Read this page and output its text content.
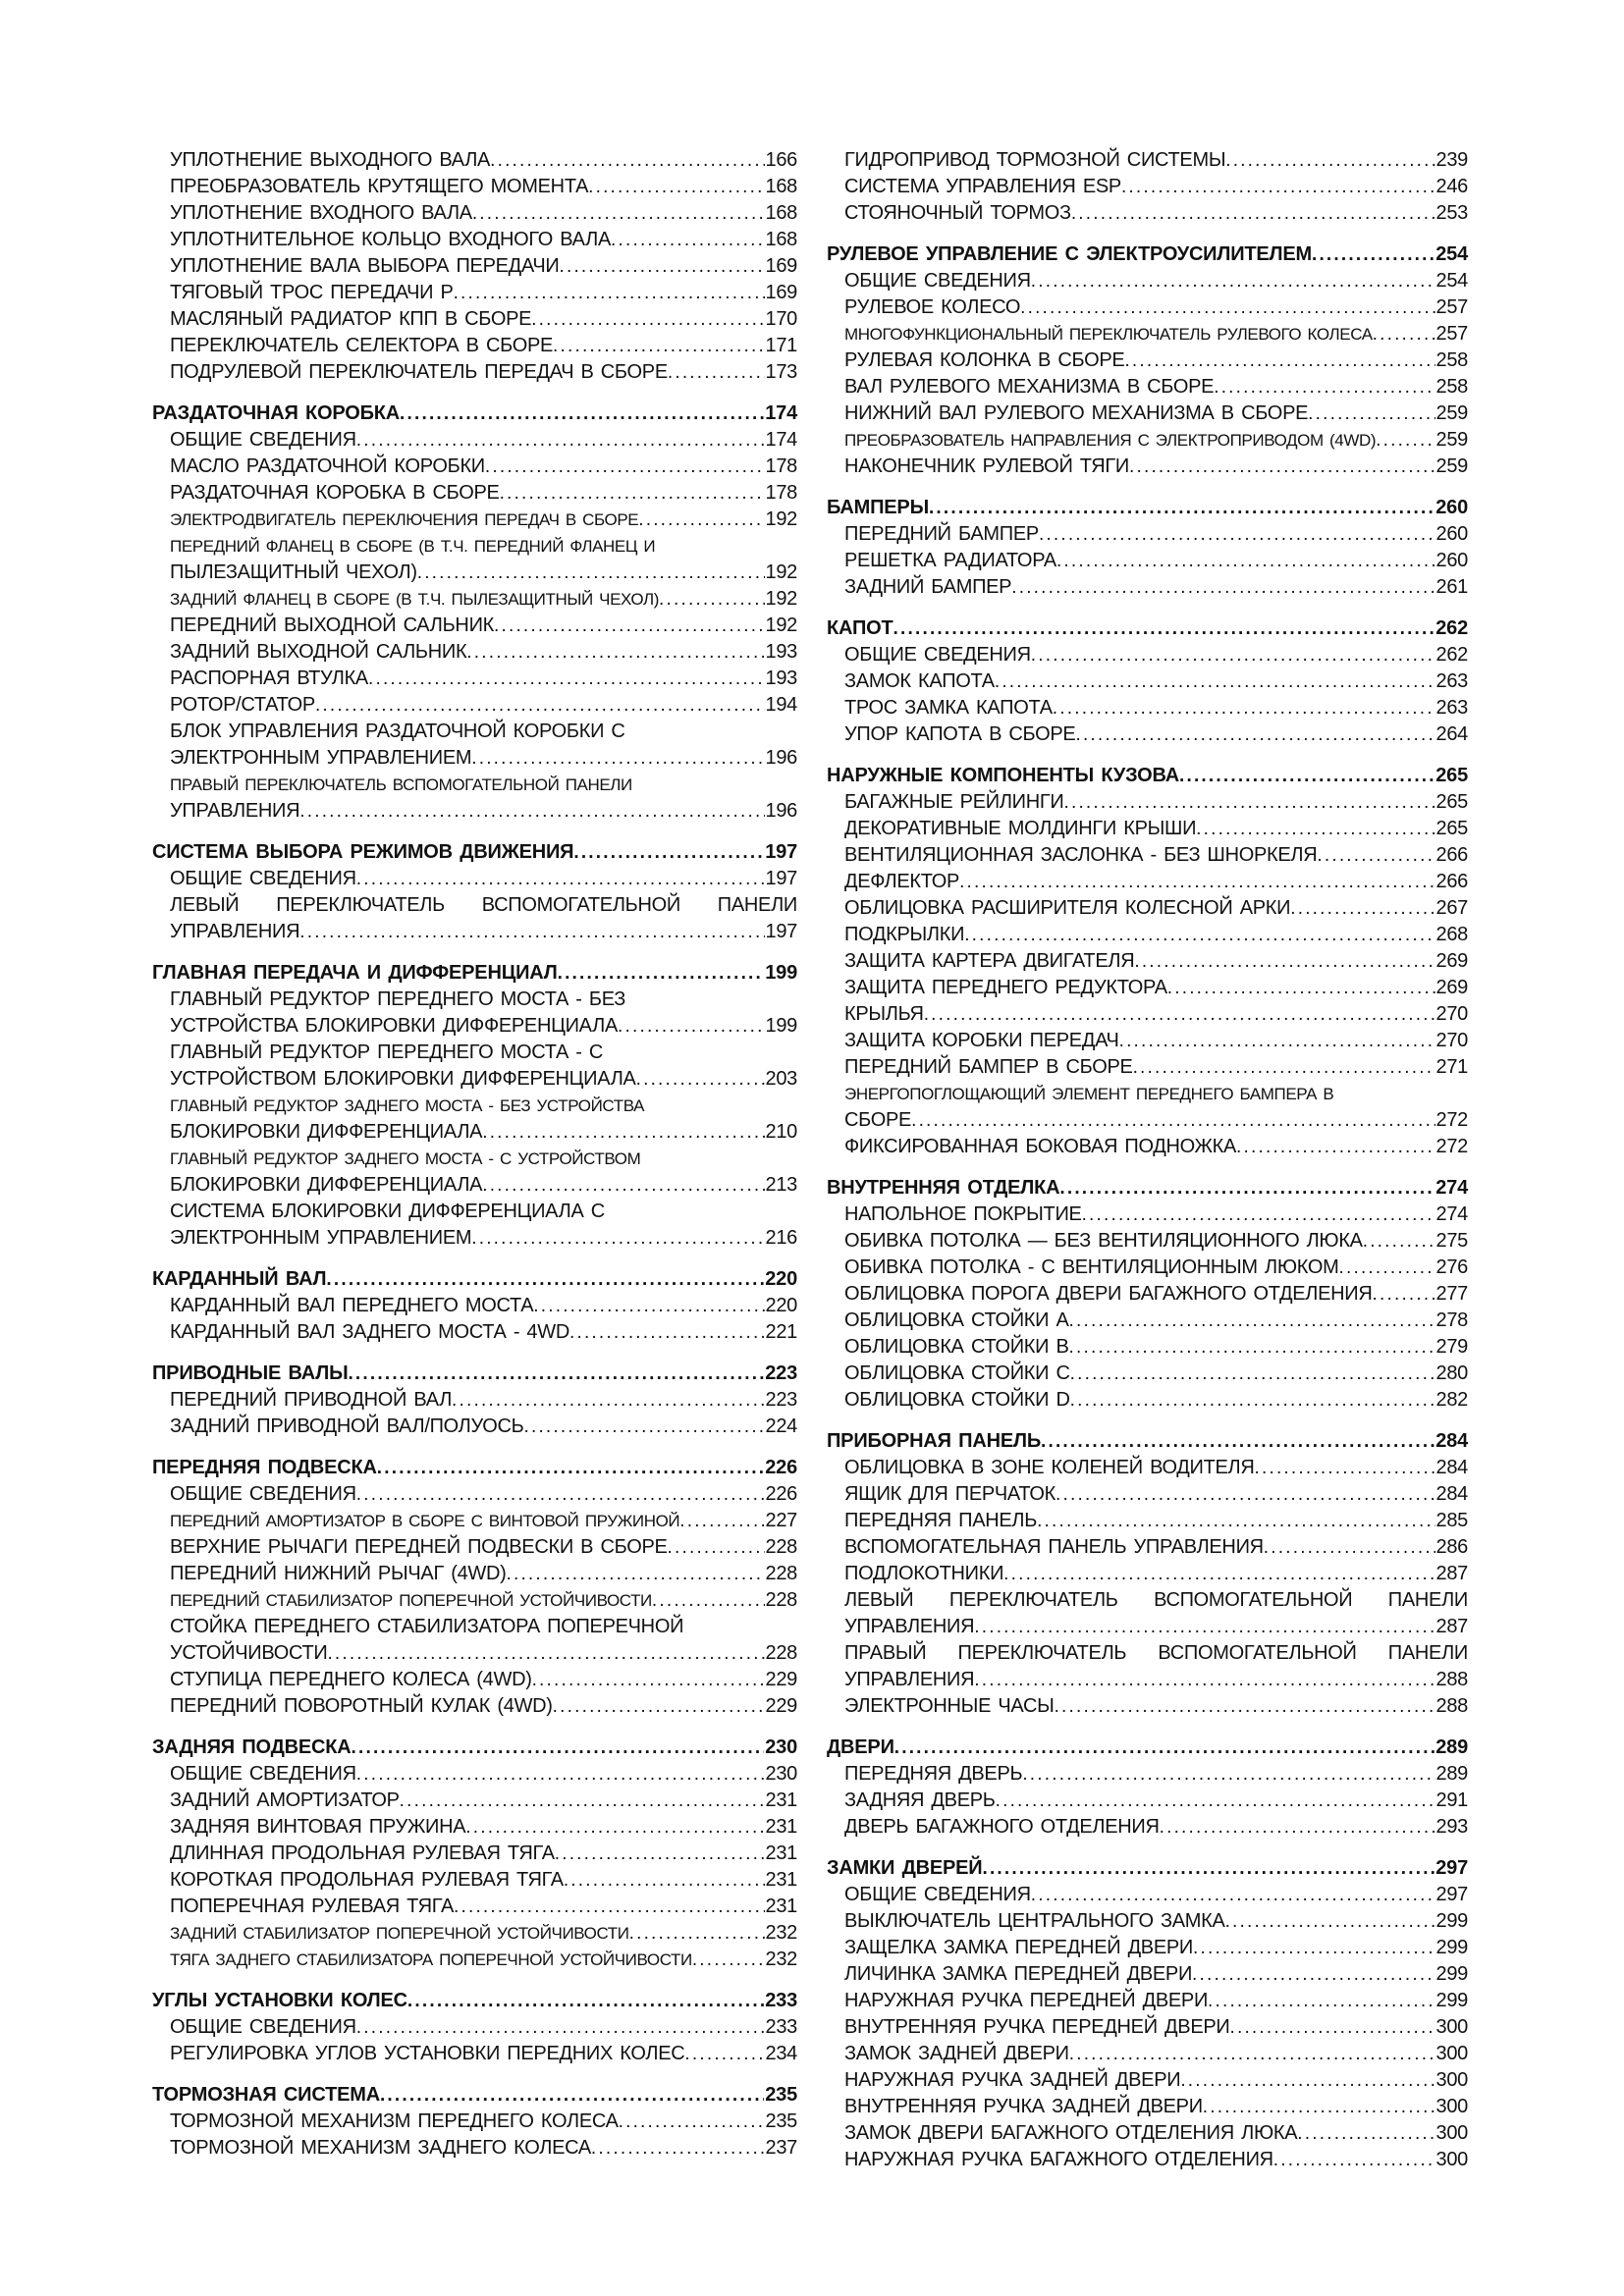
УПЛОТНЕНИЕ ВЫХОДНОГО ВАЛА .....	166
ПРЕОБРАЗОВАТЕЛЬ КРУТЯЩЕГО МОМЕНТА .....	168
УПЛОТНЕНИЕ ВХОДНОГО ВАЛА .....	168
УПЛОТНИТЕЛЬНОЕ КОЛЬЦО ВХОДНОГО ВАЛА .....	168
УПЛОТНЕНИЕ ВАЛА ВЫБОРА ПЕРЕДАЧИ .....	169
ТЯГОВЫЙ ТРОС ПЕРЕДАЧИ Р .....	169
МАСЛЯНЫЙ РАДИАТОР КПП В СБОРЕ .....	170
ПЕРЕКЛЮЧАТЕЛЬ СЕЛЕКТОРА В СБОРЕ .....	171
ПОДРУЛЕВОЙ ПЕРЕКЛЮЧАТЕЛЬ ПЕРЕДАЧ В СБОРЕ .....	173
РАЗДАТОЧНАЯ КОРОБКА .....	174
ОБЩИЕ СВЕДЕНИЯ .....	174
МАСЛО РАЗДАТОЧНОЙ КОРОБКИ .....	178
РАЗДАТОЧНАЯ КОРОБКА В СБОРЕ .....	178
ЭЛЕКТРОДВИГАТЕЛЬ ПЕРЕКЛЮЧЕНИЯ ПЕРЕДАЧ В СБОРЕ .....	192
ПЕРЕДНИЙ ФЛАНЕЦ В СБОРЕ (В Т.Ч. ПЕРЕДНИЙ ФЛАНЕЦ И
ПЫЛЕЗАЩИТНЫЙ ЧЕХОЛ) .....	192
ЗАДНИЙ ФЛАНЕЦ В СБОРЕ (В Т.Ч. ПЫЛЕЗАЩИТНЫЙ ЧЕХОЛ) .....	192
ПЕРЕДНИЙ ВЫХОДНОЙ САЛЬНИК .....	192
ЗАДНИЙ ВЫХОДНОЙ САЛЬНИК .....	193
РАСПОРНАЯ ВТУЛКА .....	193
РОТОР/СТАТОР .....	194
БЛОК УПРАВЛЕНИЯ РАЗДАТОЧНОЙ КОРОБКИ С
ЭЛЕКТРОННЫМ УПРАВЛЕНИЕМ .....	196
ПРАВЫЙ ПЕРЕКЛЮЧАТЕЛЬ ВСПОМОГАТЕЛЬНОЙ ПАНЕЛИ
УПРАВЛЕНИЯ .....	196
СИСТЕМА ВЫБОРА РЕЖИМОВ ДВИЖЕНИЯ .....	197
ОБЩИЕ СВЕДЕНИЯ .....	197
ЛЕВЫЙ ПЕРЕКЛЮЧАТЕЛЬ ВСПОМОГАТЕЛЬНОЙ ПАНЕЛИ
УПРАВЛЕНИЯ .....	197
ГЛАВНАЯ ПЕРЕДАЧА И ДИФФЕРЕНЦИАЛ .....	199
ГЛАВНЫЙ РЕДУКТОР ПЕРЕДНЕГО МОСТА - БЕЗ
УСТРОЙСТВА БЛОКИРОВКИ ДИФФЕРЕНЦИАЛА .....	199
ГЛАВНЫЙ РЕДУКТОР ПЕРЕДНЕГО МОСТА - С
УСТРОЙСТВОМ БЛОКИРОВКИ ДИФФЕРЕНЦИАЛА .....	203
ГЛАВНЫЙ РЕДУКТОР ЗАДНЕГО МОСТА - БЕЗ УСТРОЙСТВА
БЛОКИРОВКИ ДИФФЕРЕНЦИАЛА .....	210
ГЛАВНЫЙ РЕДУКТОР ЗАДНЕГО МОСТА - С УСТРОЙСТВОМ
БЛОКИРОВКИ ДИФФЕРЕНЦИАЛА .....	213
СИСТЕМА БЛОКИРОВКИ ДИФФЕРЕНЦИАЛА С
ЭЛЕКТРОННЫМ УПРАВЛЕНИЕМ .....	216
КАРДАННЫЙ ВАЛ .....	220
КАРДАННЫЙ ВАЛ ПЕРЕДНЕГО МОСТА .....	220
КАРДАННЫЙ ВАЛ ЗАДНЕГО МОСТА - 4WD .....	221
ПРИВОДНЫЕ ВАЛЫ .....	223
ПЕРЕДНИЙ ПРИВОДНОЙ ВАЛ .....	223
ЗАДНИЙ ПРИВОДНОЙ ВАЛ/ПОЛУОСЬ .....	224
ПЕРЕДНЯЯ ПОДВЕСКА .....	226
ОБЩИЕ СВЕДЕНИЯ .....	226
ПЕРЕДНИЙ АМОРТИЗАТОР В СБОРЕ С ВИНТОВОЙ ПРУЖИНОЙ .....	227
ВЕРХНИЕ РЫЧАГИ ПЕРЕДНЕЙ ПОДВЕСКИ В СБОРЕ .....	228
ПЕРЕДНИЙ НИЖНИЙ РЫЧАГ (4WD) .....	228
ПЕРЕДНИЙ СТАБИЛИЗАТОР ПОПЕРЕЧНОЙ УСТОЙЧИВОСТИ .....	228
СТОЙКА ПЕРЕДНЕГО СТАБИЛИЗАТОРА ПОПЕРЕЧНОЙ
УСТОЙЧИВОСТИ .....	228
СТУПИЦА ПЕРЕДНЕГО КОЛЕСА (4WD) .....	229
ПЕРЕДНИЙ ПОВОРОТНЫЙ КУЛАК (4WD) .....	229
ЗАДНЯЯ ПОДВЕСКА .....	230
ОБЩИЕ СВЕДЕНИЯ .....	230
ЗАДНИЙ АМОРТИЗАТОР .....	231
ЗАДНЯЯ ВИНТОВАЯ ПРУЖИНА .....	231
ДЛИННАЯ ПРОДОЛЬНАЯ РУЛЕВАЯ ТЯГА .....	231
КОРОТКАЯ ПРОДОЛЬНАЯ РУЛЕВАЯ ТЯГА .....	231
ПОПЕРЕЧНАЯ РУЛЕВАЯ ТЯГА .....	231
ЗАДНИЙ СТАБИЛИЗАТОР ПОПЕРЕЧНОЙ УСТОЙЧИВОСТИ .....	232
ТЯГА ЗАДНЕГО СТАБИЛИЗАТОРА ПОПЕРЕЧНОЙ УСТОЙЧИВОСТИ .....	232
УГЛЫ УСТАНОВКИ КОЛЕС .....	233
ОБЩИЕ СВЕДЕНИЯ .....	233
РЕГУЛИРОВКА УГЛОВ УСТАНОВКИ ПЕРЕДНИХ КОЛЕС .....	234
ТОРМОЗНАЯ СИСТЕМА .....	235
ТОРМОЗНОЙ МЕХАНИЗМ ПЕРЕДНЕГО КОЛЕСА .....	235
ТОРМОЗНОЙ МЕХАНИЗМ ЗАДНЕГО КОЛЕСА .....	237
ГИДРОПРИВОД ТОРМОЗНОЙ СИСТЕМЫ .....	239
СИСТЕМА УПРАВЛЕНИЯ ESP .....	246
СТОЯНОЧНЫЙ ТОРМОЗ .....	253
РУЛЕВОЕ УПРАВЛЕНИЕ С ЭЛЕКТРОУСИЛИТЕЛЕМ .....	254
ОБЩИЕ СВЕДЕНИЯ .....	254
РУЛЕВОЕ КОЛЕСО .....	257
МНОГОФУНКЦИОНАЛЬНЫЙ ПЕРЕКЛЮЧАТЕЛЬ РУЛЕВОГО КОЛЕСА .....	257
РУЛЕВАЯ КОЛОНКА В СБОРЕ .....	258
ВАЛ РУЛЕВОГО МЕХАНИЗМА В СБОРЕ .....	258
НИЖНИЙ ВАЛ РУЛЕВОГО МЕХАНИЗМА В СБОРЕ .....	259
ПРЕОБРАЗОВАТЕЛЬ НАПРАВЛЕНИЯ С ЭЛЕКТРОПРИВОДОМ (4WD) .....	259
НАКОНЕЧНИК РУЛЕВОЙ ТЯГИ .....	259
БАМПЕРЫ .....	260
ПЕРЕДНИЙ БАМПЕР .....	260
РЕШЕТКА РАДИАТОРА .....	260
ЗАДНИЙ БАМПЕР .....	261
КАПОТ .....	262
ОБЩИЕ СВЕДЕНИЯ .....	262
ЗАМОК КАПОТА .....	263
ТРОС ЗАМКА КАПОТА .....	263
УПОР КАПОТА В СБОРЕ .....	264
НАРУЖНЫЕ КОМПОНЕНТЫ КУЗОВА .....	265
БАГАЖНЫЕ РЕЙЛИНГИ .....	265
ДЕКОРАТИВНЫЕ МОЛДИНГИ КРЫШИ .....	265
ВЕНТИЛЯЦИОННАЯ ЗАСЛОНКА - БЕЗ ШНОРКЕЛЯ .....	266
ДЕФЛЕКТОР .....	266
ОБЛИЦОВКА РАСШИРИТЕЛЯ КОЛЕСНОЙ АРКИ .....	267
ПОДКРЫЛКИ .....	268
ЗАЩИТА КАРТЕРА ДВИГАТЕЛЯ .....	269
ЗАЩИТА ПЕРЕДНЕГО РЕДУКТОРА .....	269
КРЫЛЬЯ .....	270
ЗАЩИТА КОРОБКИ ПЕРЕДАЧ .....	270
ПЕРЕДНИЙ БАМПЕР В СБОРЕ .....	271
ЭНЕРГОПОГЛОЩАЮЩИЙ ЭЛЕМЕНТ ПЕРЕДНЕГО БАМПЕРА В
СБОРЕ .....	272
ФИКСИРОВАННАЯ БОКОВАЯ ПОДНОЖКА .....	272
ВНУТРЕННЯЯ ОТДЕЛКА .....	274
НАПОЛЬНОЕ ПОКРЫТИЕ .....	274
ОБИВКА ПОТОЛКА — БЕЗ ВЕНТИЛЯЦИОННОГО ЛЮКА .....	275
ОБИВКА ПОТОЛКА - С ВЕНТИЛЯЦИОННЫМ ЛЮКОМ .....	276
ОБЛИЦОВКА ПОРОГА ДВЕРИ БАГАЖНОГО ОТДЕЛЕНИЯ .....	277
ОБЛИЦОВКА СТОЙКИ А .....	278
ОБЛИЦОВКА СТОЙКИ В .....	279
ОБЛИЦОВКА СТОЙКИ С .....	280
ОБЛИЦОВКА СТОЙКИ D .....	282
ПРИБОРНАЯ ПАНЕЛЬ .....	284
ОБЛИЦОВКА В ЗОНЕ КОЛЕНЕЙ ВОДИТЕЛЯ .....	284
ЯЩИК ДЛЯ ПЕРЧАТОК .....	284
ПЕРЕДНЯЯ ПАНЕЛЬ .....	285
ВСПОМОГАТЕЛЬНАЯ ПАНЕЛЬ УПРАВЛЕНИЯ .....	286
ПОДЛОКОТНИКИ .....	287
ЛЕВЫЙ ПЕРЕКЛЮЧАТЕЛЬ ВСПОМОГАТЕЛЬНОЙ ПАНЕЛИ
УПРАВЛЕНИЯ .....	287
ПРАВЫЙ ПЕРЕКЛЮЧАТЕЛЬ ВСПОМОГАТЕЛЬНОЙ ПАНЕЛИ
УПРАВЛЕНИЯ .....	288
ЭЛЕКТРОННЫЕ ЧАСЫ .....	288
ДВЕРИ .....	289
ПЕРЕДНЯЯ ДВЕРЬ .....	289
ЗАДНЯЯ ДВЕРЬ .....	291
ДВЕРЬ БАГАЖНОГО ОТДЕЛЕНИЯ .....	293
ЗАМКИ ДВЕРЕЙ .....	297
ОБЩИЕ СВЕДЕНИЯ .....	297
ВЫКЛЮЧАТЕЛЬ ЦЕНТРАЛЬНОГО ЗАМКА .....	299
ЗАЩЕЛКА ЗАМКА ПЕРЕДНЕЙ ДВЕРИ .....	299
ЛИЧИНКА ЗАМКА ПЕРЕДНЕЙ ДВЕРИ .....	299
НАРУЖНАЯ РУЧКА ПЕРЕДНЕЙ ДВЕРИ .....	299
ВНУТРЕННЯЯ РУЧКА ПЕРЕДНЕЙ ДВЕРИ .....	300
ЗАМОК ЗАДНЕЙ ДВЕРИ .....	300
НАРУЖНАЯ РУЧКА ЗАДНЕЙ ДВЕРИ .....	300
ВНУТРЕННЯЯ РУЧКА ЗАДНЕЙ ДВЕРИ .....	300
ЗАМОК ДВЕРИ БАГАЖНОГО ОТДЕЛЕНИЯ ЛЮКА .....	300
НАРУЖНАЯ РУЧКА БАГАЖНОГО ОТДЕЛЕНИЯ .....	300
